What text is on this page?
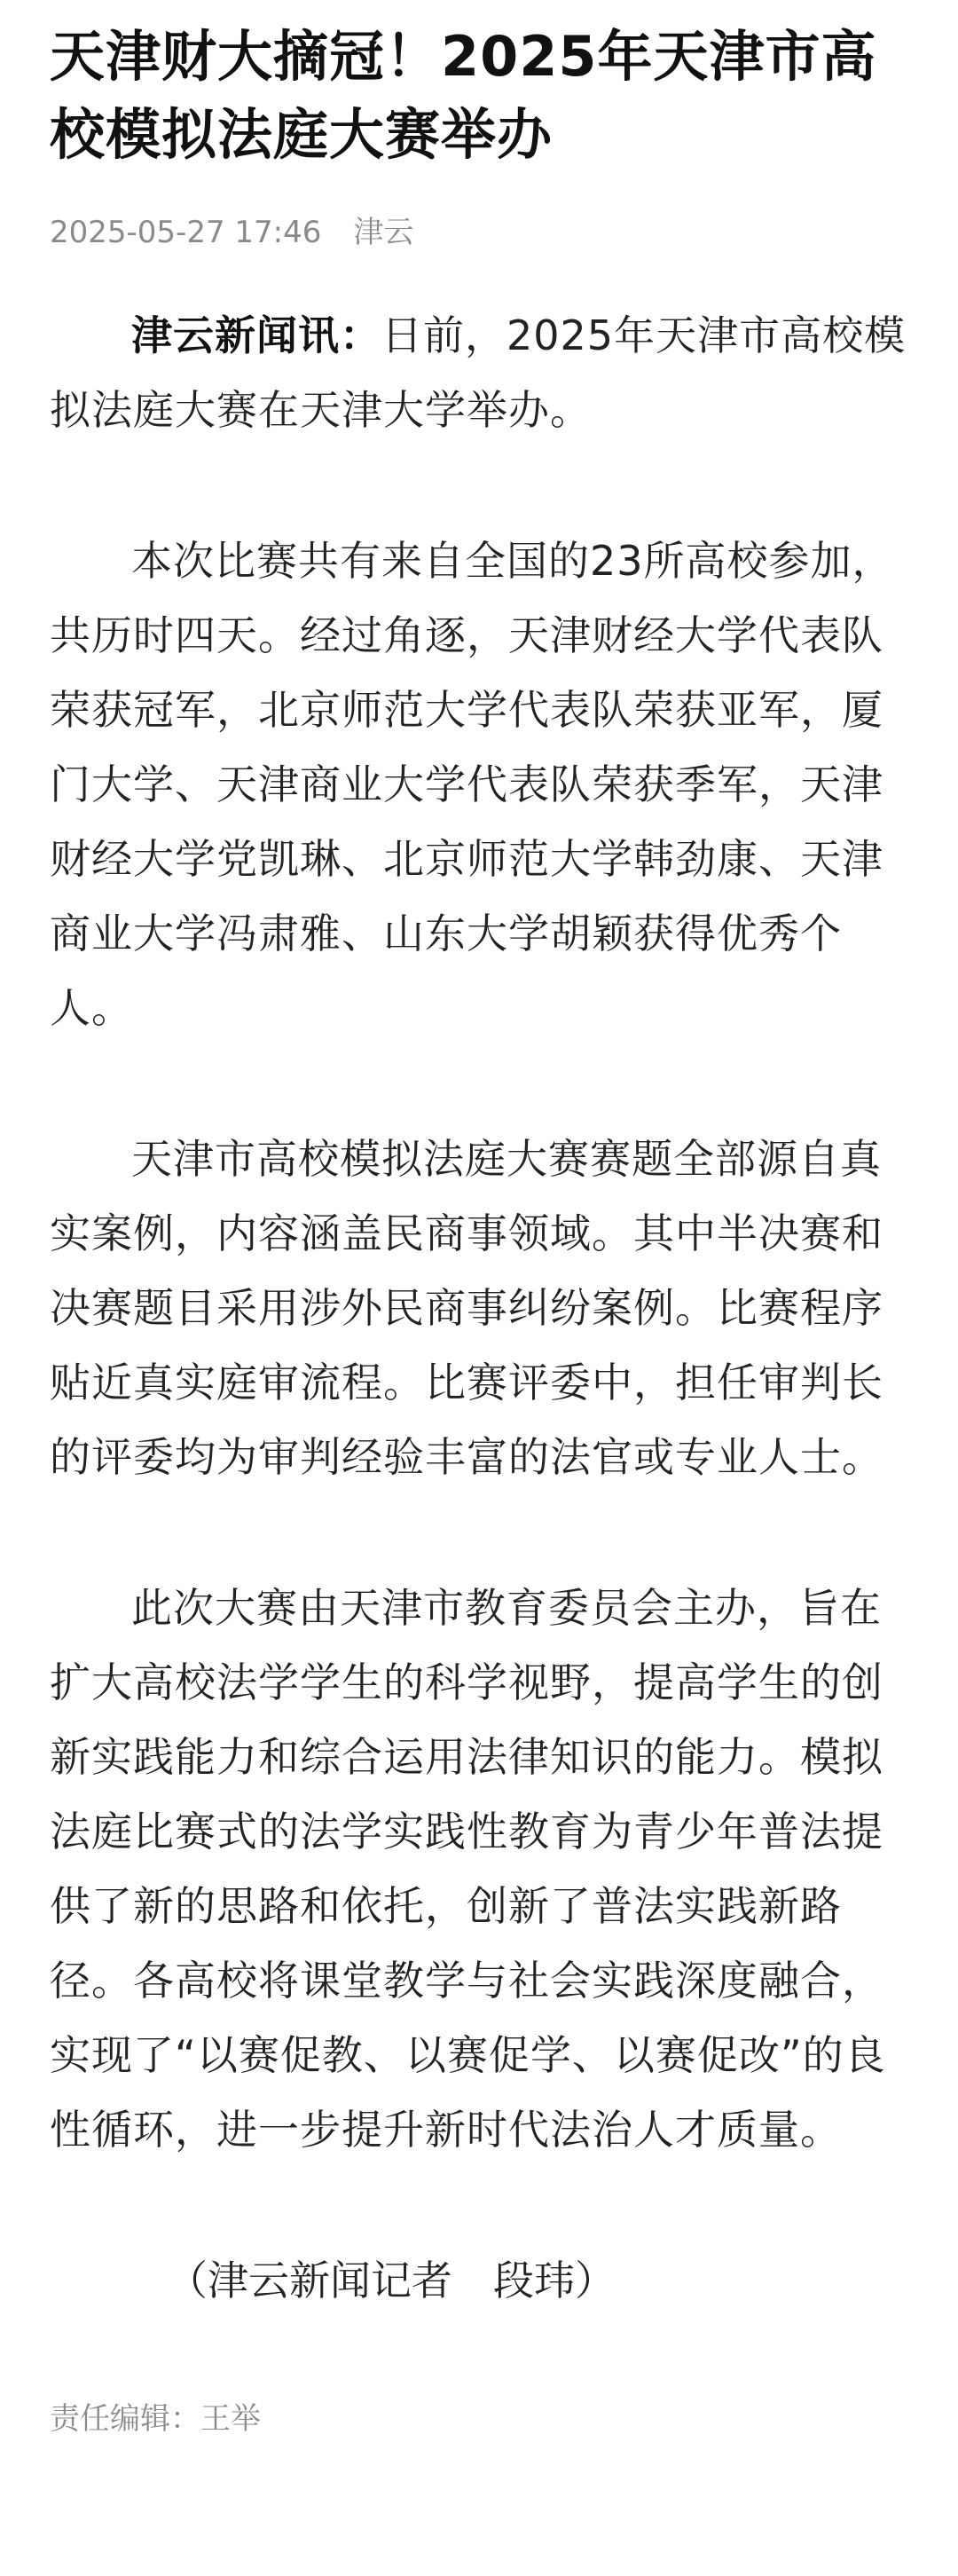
天津财大摘冠！2025年天津市高校模拟法庭大赛举办
2025-05-27 17:46 津云

津云新闻讯：日前，2025年天津市高校模拟法庭大赛在天津大学举办。

本次比赛共有来自全国的23所高校参加，共历时四天。经过角逐，天津财经大学代表队荣获冠军，北京师范大学代表队荣获亚军，厦门大学、天津商业大学代表队荣获季军，天津财经大学党凯琳、北京师范大学韩劲康、天津商业大学冯肃雅、山东大学胡颖获得优秀个人。

天津市高校模拟法庭大赛赛题全部源自真实案例，内容涵盖民商事领域。其中半决赛和决赛题目采用涉外民商事纠纷案例。比赛程序贴近真实庭审流程。比赛评委中，担任审判长的评委均为审判经验丰富的法官或专业人士。

此次大赛由天津市教育委员会主办，旨在扩大高校法学学生的科学视野，提高学生的创新实践能力和综合运用法律知识的能力。模拟法庭比赛式的法学实践性教育为青少年普法提供了新的思路和依托，创新了普法实践新路径。各高校将课堂教学与社会实践深度融合，实现了“以赛促教、以赛促学、以赛促改”的良性循环，进一步提升新时代法治人才质量。

（津云新闻记者　段玮）

责任编辑：王举
